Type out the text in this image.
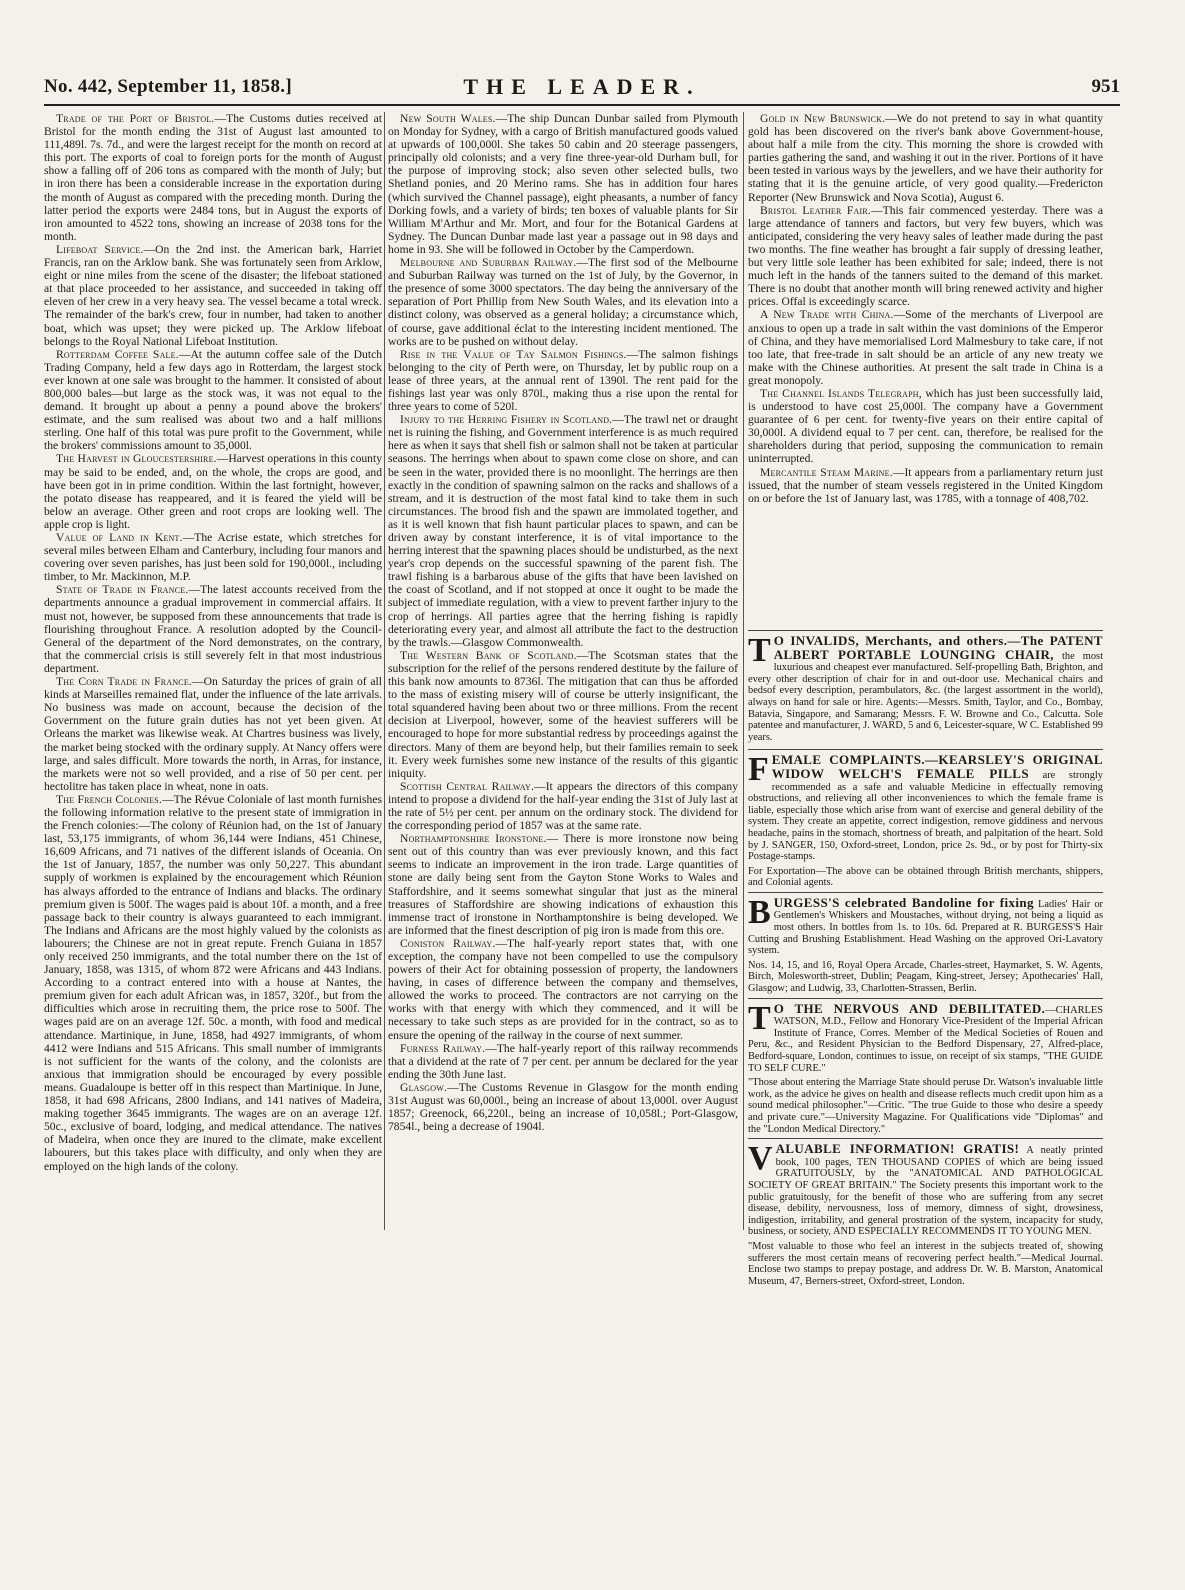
No. 442, September 11, 1858.]	THE LEADER.	951

Trade of the Port of Bristol.—The Customs duties received at Bristol for the month ending the 31st of August last amounted to 111,489l. 7s. 7d., and were the largest receipt for the month on record at this port. The exports of coal to foreign ports for the month of August show a falling off of 206 tons as compared with the month of July; but in iron there has been a considerable increase in the exportation during the month of August as compared with the preceding month. During the latter period the exports were 2484 tons, but in August the exports of iron amounted to 4522 tons, showing an increase of 2038 tons for the month.

Lifeboat Service.—On the 2nd inst. the American bark, Harriet Francis, ran on the Arklow bank. She was fortunately seen from Arklow, eight or nine miles from the scene of the disaster; the lifeboat stationed at that place proceeded to her assistance, and succeeded in taking off eleven of her crew in a very heavy sea. The vessel became a total wreck. The remainder of the bark's crew, four in number, had taken to another boat, which was upset; they were picked up. The Arklow lifeboat belongs to the Royal National Lifeboat Institution.

Rotterdam Coffee Sale.—At the autumn coffee sale of the Dutch Trading Company, held a few days ago in Rotterdam, the largest stock ever known at one sale was brought to the hammer. It consisted of about 800,000 bales—but large as the stock was, it was not equal to the demand. It brought up about a penny a pound above the brokers' estimate, and the sum realised was about two and a half millions sterling. One half of this total was pure profit to the Government, while the brokers' commissions amount to 35,000l.

The Harvest in Gloucestershire.—Harvest operations in this county may be said to be ended, and, on the whole, the crops are good, and have been got in in prime condition. Within the last fortnight, however, the potato disease has reappeared, and it is feared the yield will be below an average. Other green and root crops are looking well. The apple crop is light.

Value of Land in Kent.—The Acrise estate, which stretches for several miles between Elham and Canterbury, including four manors and covering over seven parishes, has just been sold for 190,000l., including timber, to Mr. Mackinnon, M.P.

State of Trade in France.—The latest accounts received from the departments announce a gradual improvement in commercial affairs. It must not, however, be supposed from these announcements that trade is flourishing throughout France. A resolution adopted by the Council-General of the department of the Nord demonstrates, on the contrary, that the commercial crisis is still severely felt in that most industrious department.

The Corn Trade in France.—On Saturday the prices of grain of all kinds at Marseilles remained flat, under the influence of the late arrivals. No business was made on account, because the decision of the Government on the future grain duties has not yet been given. At Orleans the market was likewise weak. At Chartres business was lively, the market being stocked with the ordinary supply. At Nancy offers were large, and sales difficult. More towards the north, in Arras, for instance, the markets were not so well provided, and a rise of 50 per cent. per hectolitre has taken place in wheat, none in oats.

The French Colonies.—The Révue Coloniale of last month furnishes the following information relative to the present state of immigration in the French colonies:—The colony of Réunion had, on the 1st of January last, 53,175 immigrants, of whom 36,144 were Indians, 451 Chinese, 16,609 Africans, and 71 natives of the different islands of Oceania. On the 1st of January, 1857, the number was only 50,227. This abundant supply of workmen is explained by the encouragement which Réunion has always afforded to the entrance of Indians and blacks. The ordinary premium given is 500f. The wages paid is about 10f. a month, and a free passage back to their country is always guaranteed to each immigrant. The Indians and Africans are the most highly valued by the colonists as labourers; the Chinese are not in great repute. French Guiana in 1857 only received 250 immigrants, and the total number there on the 1st of January, 1858, was 1315, of whom 872 were Africans and 443 Indians. According to a contract entered into with a house at Nantes, the premium given for each adult African was, in 1857, 320f., but from the difficulties which arose in recruiting them, the price rose to 500f. The wages paid are on an average 12f. 50c. a month, with food and medical attendance. Martinique, in June, 1858, had 4927 immigrants, of whom 4412 were Indians and 515 Africans. This small number of immigrants is not sufficient for the wants of the colony, and the colonists are anxious that immigration should be encouraged by every possible means. Guadaloupe is better off in this respect than Martinique. In June, 1858, it had 698 Africans, 2800 Indians, and 141 natives of Madeira, making together 3645 immigrants. The wages are on an average 12f. 50c., exclusive of board, lodging, and medical attendance. The natives of Madeira, when once they are inured to the climate, make excellent labourers, but this takes place with difficulty, and only when they are employed on the high lands of the colony.

New South Wales.—The ship Duncan Dunbar sailed from Plymouth on Monday for Sydney, with a cargo of British manufactured goods valued at upwards of 100,000l. She takes 50 cabin and 20 steerage passengers, principally old colonists; and a very fine three-year-old Durham bull, for the purpose of improving stock; also seven other selected bulls, two Shetland ponies, and 20 Merino rams. She has in addition four hares (which survived the Channel passage), eight pheasants, a number of fancy Dorking fowls, and a variety of birds; ten boxes of valuable plants for Sir William M'Arthur and Mr. Mort, and four for the Botanical Gardens at Sydney. The Duncan Dunbar made last year a passage out in 98 days and home in 93. She will be followed in October by the Camperdown.

Melbourne and Suburban Railway.—The first sod of the Melbourne and Suburban Railway was turned on the 1st of July, by the Governor, in the presence of some 3000 spectators. The day being the anniversary of the separation of Port Phillip from New South Wales, and its elevation into a distinct colony, was observed as a general holiday; a circumstance which, of course, gave additional éclat to the interesting incident mentioned. The works are to be pushed on without delay.

Rise in the Value of Tay Salmon Fishings.—The salmon fishings belonging to the city of Perth were, on Thursday, let by public roup on a lease of three years, at the annual rent of 1390l. The rent paid for the fishings last year was only 870l., making thus a rise upon the rental for three years to come of 520l.

Injury to the Herring Fishery in Scotland.—The trawl net or draught net is ruining the fishing, and Government interference is as much required here as when it says that shell fish or salmon shall not be taken at particular seasons. The herrings when about to spawn come close on shore, and can be seen in the water, provided there is no moonlight. The herrings are then exactly in the condition of spawning salmon on the racks and shallows of a stream, and it is destruction of the most fatal kind to take them in such circumstances. The brood fish and the spawn are immolated together, and as it is well known that fish haunt particular places to spawn, and can be driven away by constant interference, it is of vital importance to the herring interest that the spawning places should be undisturbed, as the next year's crop depends on the successful spawning of the parent fish. The trawl fishing is a barbarous abuse of the gifts that have been lavished on the coast of Scotland, and if not stopped at once it ought to be made the subject of immediate regulation, with a view to prevent farther injury to the crop of herrings. All parties agree that the herring fishing is rapidly deteriorating every year, and almost all attribute the fact to the destruction by the trawls.—Glasgow Commonwealth.

The Western Bank of Scotland.—The Scotsman states that the subscription for the relief of the persons rendered destitute by the failure of this bank now amounts to 8736l. The mitigation that can thus be afforded to the mass of existing misery will of course be utterly insignificant, the total squandered having been about two or three millions. From the recent decision at Liverpool, however, some of the heaviest sufferers will be encouraged to hope for more substantial redress by proceedings against the directors. Many of them are beyond help, but their families remain to seek it. Every week furnishes some new instance of the results of this gigantic iniquity.

Scottish Central Railway.—It appears the directors of this company intend to propose a dividend for the half-year ending the 31st of July last at the rate of 5½ per cent. per annum on the ordinary stock. The dividend for the corresponding period of 1857 was at the same rate.

Northamptonshire Ironstone.— There is more ironstone now being sent out of this country than was ever previously known, and this fact seems to indicate an improvement in the iron trade. Large quantities of stone are daily being sent from the Gayton Stone Works to Wales and Staffordshire, and it seems somewhat singular that just as the mineral treasures of Staffordshire are showing indications of exhaustion this immense tract of ironstone in Northamptonshire is being developed. We are informed that the finest description of pig iron is made from this ore.

Coniston Railway.—The half-yearly report states that, with one exception, the company have not been compelled to use the compulsory powers of their Act for obtaining possession of property, the landowners having, in cases of difference between the company and themselves, allowed the works to proceed. The contractors are not carrying on the works with that energy with which they commenced, and it will be necessary to take such steps as are provided for in the contract, so as to ensure the opening of the railway in the course of next summer.

Furness Railway.—The half-yearly report of this railway recommends that a dividend at the rate of 7 per cent. per annum be declared for the year ending the 30th June last.

Glasgow.—The Customs Revenue in Glasgow for the month ending 31st August was 60,000l., being an increase of about 13,000l. over August 1857; Greenock, 66,220l., being an increase of 10,058l.; Port-Glasgow, 7854l., being a decrease of 1904l.

Gold in New Brunswick.—We do not pretend to say in what quantity gold has been discovered on the river's bank above Government-house, about half a mile from the city. This morning the shore is crowded with parties gathering the sand, and washing it out in the river. Portions of it have been tested in various ways by the jewellers, and we have their authority for stating that it is the genuine article, of very good quality.—Fredericton Reporter (New Brunswick and Nova Scotia), August 6.

Bristol Leather Fair.—This fair commenced yesterday. There was a large attendance of tanners and factors, but very few buyers, which was anticipated, considering the very heavy sales of leather made during the past two months. The fine weather has brought a fair supply of dressing leather, but very little sole leather has been exhibited for sale; indeed, there is not much left in the hands of the tanners suited to the demand of this market. There is no doubt that another month will bring renewed activity and higher prices. Offal is exceedingly scarce.

A New Trade with China.—Some of the merchants of Liverpool are anxious to open up a trade in salt within the vast dominions of the Emperor of China, and they have memorialised Lord Malmesbury to take care, if not too late, that free-trade in salt should be an article of any new treaty we make with the Chinese authorities. At present the salt trade in China is a great monopoly.

The Channel Islands Telegraph, which has just been successfully laid, is understood to have cost 25,000l. The company have a Government guarantee of 6 per cent. for twenty-five years on their entire capital of 30,000l. A dividend equal to 7 per cent. can, therefore, be realised for the shareholders during that period, supposing the communication to remain uninterrupted.

Mercantile Steam Marine.—It appears from a parliamentary return just issued, that the number of steam vessels registered in the United Kingdom on or before the 1st of January last, was 1785, with a tonnage of 408,702.

T O INVALIDS, Merchants, and others.—The PATENT ALBERT PORTABLE LOUNGING CHAIR, the most luxurious and cheapest ever manufactured. Self-propelling Bath, Brighton, and every other description of chair for in and out-door use. Mechanical chairs and bedsof every description, perambulators, &c. (the largest assortment in the world), always on hand for sale or hire. Agents:—Messrs. Smith, Taylor, and Co., Bombay, Batavia, Singapore, and Samarang; Messrs. F. W. Browne and Co., Calcutta. Sole patentee and manufacturer, J. WARD, 5 and 6, Leicester-square, W C. Established 99 years.
FEMALE COMPLAINTS.—KEARSLEY'S ORIGINAL WIDOW WELCH'S FEMALE PILLS are strongly recommended as a safe and valuable Medicine in effectually removing obstructions, and relieving all other inconveniences to which the female frame is liable, especially those which arise from want of exercise and general debility of the system. They create an appetite, correct indigestion, remove giddiness and nervous headache, pains in the stomach, shortness of breath, and palpitation of the heart. Sold by J. SANGER, 150, Oxford-street, London, price 2s. 9d., or by post for Thirty-six Postage-stamps.
For Exportation—The above can be obtained through British merchants, shippers, and Colonial agents.
BURGESS'S celebrated Bandoline for fixing Ladies' Hair or Gentlemen's Whiskers and Moustaches, without drying, not being a liquid as most others. In bottles from 1s. to 10s. 6d. Prepared at R. BURGESS'S Hair Cutting and Brushing Establishment. Head Washing on the approved Ori-Lavatory system.
Nos. 14, 15, and 16, Royal Opera Arcade, Charles-street, Haymarket, S. W. Agents, Birch, Molesworth-street, Dublin; Peagam, King-street, Jersey; Apothecaries' Hall, Glasgow; and Ludwig, 33, Charlotten-Strassen, Berlin.
T O THE NERVOUS AND DEBILITATED.—CHARLES WATSON, M.D., Fellow and Honorary Vice-President of the Imperial African Institute of France, Corres. Member of the Medical Societies of Rouen and Peru, &c., and Resident Physician to the Bedford Dispensary, 27, Alfred-place, Bedford-square, London, continues to issue, on receipt of six stamps, "THE GUIDE TO SELF CURE."
"Those about entering the Marriage State should peruse Dr. Watson's invaluable little work, as the advice he gives on health and disease reflects much credit upon him as a sound medical philosopher."—Critic. "The true Guide to those who desire a speedy and private cure."—University Magazine. For Qualifications vide "Diplomas" and the "London Medical Directory."
VALUABLE INFORMATION! GRATIS! A neatly printed book, 100 pages, TEN THOUSAND COPIES of which are being issued GRATUITOUSLY, by the "ANATOMICAL AND PATHOLOGICAL SOCIETY OF GREAT BRITAIN." The Society presents this important work to the public gratuitously, for the benefit of those who are suffering from any secret disease, debility, nervousness, loss of memory, dimness of sight, drowsiness, indigestion, irritability, and general prostration of the system, incapacity for study, business, or society, AND ESPECIALLY RECOMMENDS IT TO YOUNG MEN.
"Most valuable to those who feel an interest in the subjects treated of, showing sufferers the most certain means of recovering perfect health."—Medical Journal. Enclose two stamps to prepay postage, and address Dr. W. B. Marston, Anatomical Museum, 47, Berners-street, Oxford-street, London.
